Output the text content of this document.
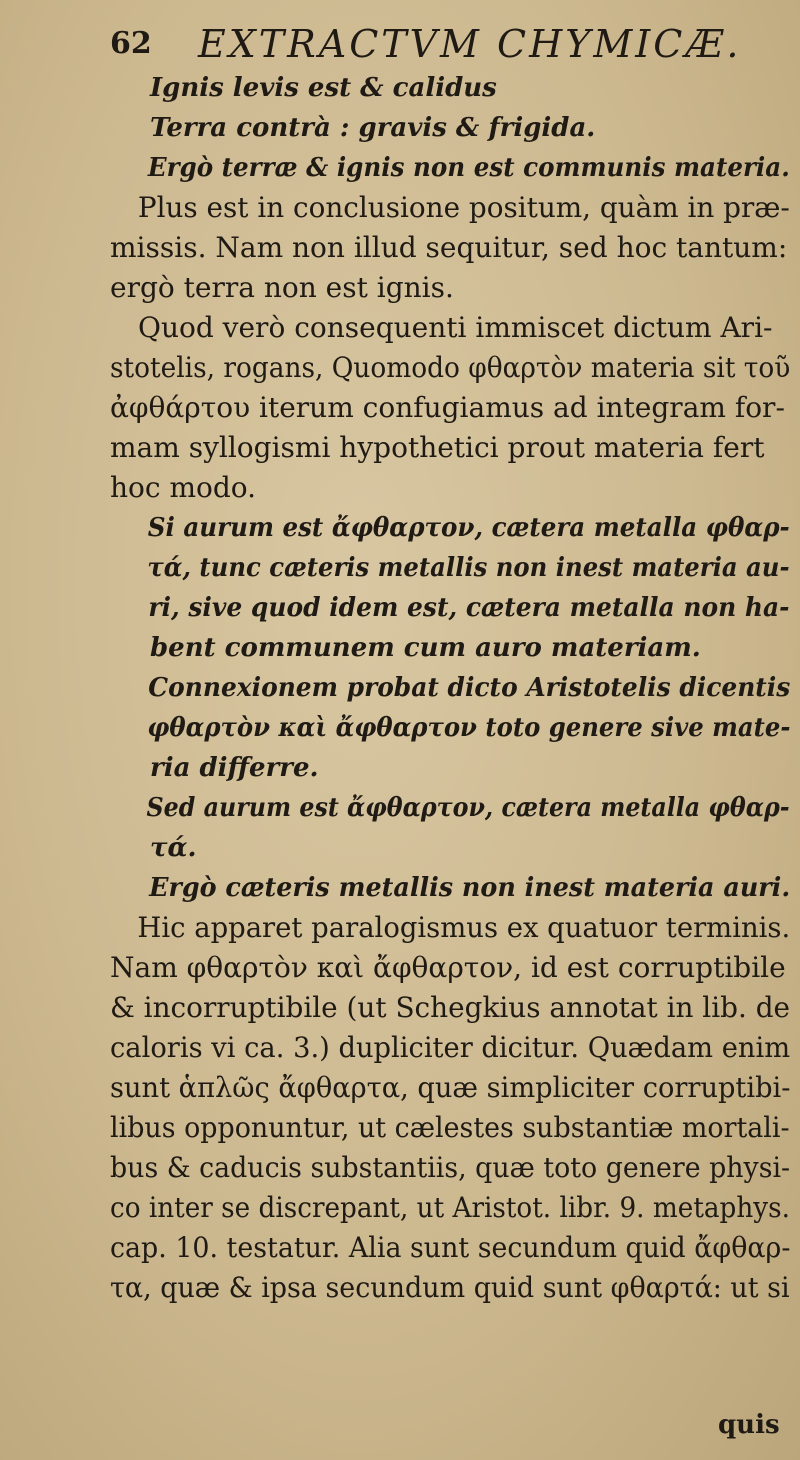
62 EXTRACTVM CHYMICÆ.
Ignis levis est & calidus
Terra contrà : gravis & frigida.
Ergò terræ & ignis non est communis materia.
Plus est in conclusione positum, quàm in præ-
missis. Nam non illud sequitur, sed hoc tantum:
ergò terra non est ignis.
Quod verò consequenti immiscet dictum Ari-
stotelis, rogans, Quomodo φθαρτὸν materia sit τοῦ
ἀφθάρτου iterum confugiamus ad integram for-
mam syllogismi hypothetici prout materia fert
hoc modo.
Si aurum est ἄφθαρτον, cætera metalla φθαρ-
τά, tunc cæteris metallis non inest materia au-
ri, sive quod idem est, cætera metalla non ha-
bent communem cum auro materiam.
Connexionem probat dicto Aristotelis dicentis
φθαρτὸν καὶ ἄφθαρτον toto genere sive mate-
ria differre.
Sed aurum est ἄφθαρτον, cætera metalla φθαρ-
τά.
Ergò cæteris metallis non inest materia auri.
Hic apparet paralogismus ex quatuor terminis.
Nam φθαρτὸν καὶ ἄφθαρτον, id est corruptibile
& incorruptibile (ut Schegkius annotat in lib. de
caloris vi ca. 3.) dupliciter dicitur. Quædam enim
sunt ἁπλῶς ἄφθαρτα, quæ simpliciter corruptibi-
libus opponuntur, ut cælestes substantiæ mortali-
bus & caducis substantiis, quæ toto genere physi-
co inter se discrepant, ut Aristot. libr. 9. metaphys.
cap. 10. testatur. Alia sunt secundum quid ἄφθαρ-
τα, quæ & ipsa secundum quid sunt φθαρτά: ut si
quis
